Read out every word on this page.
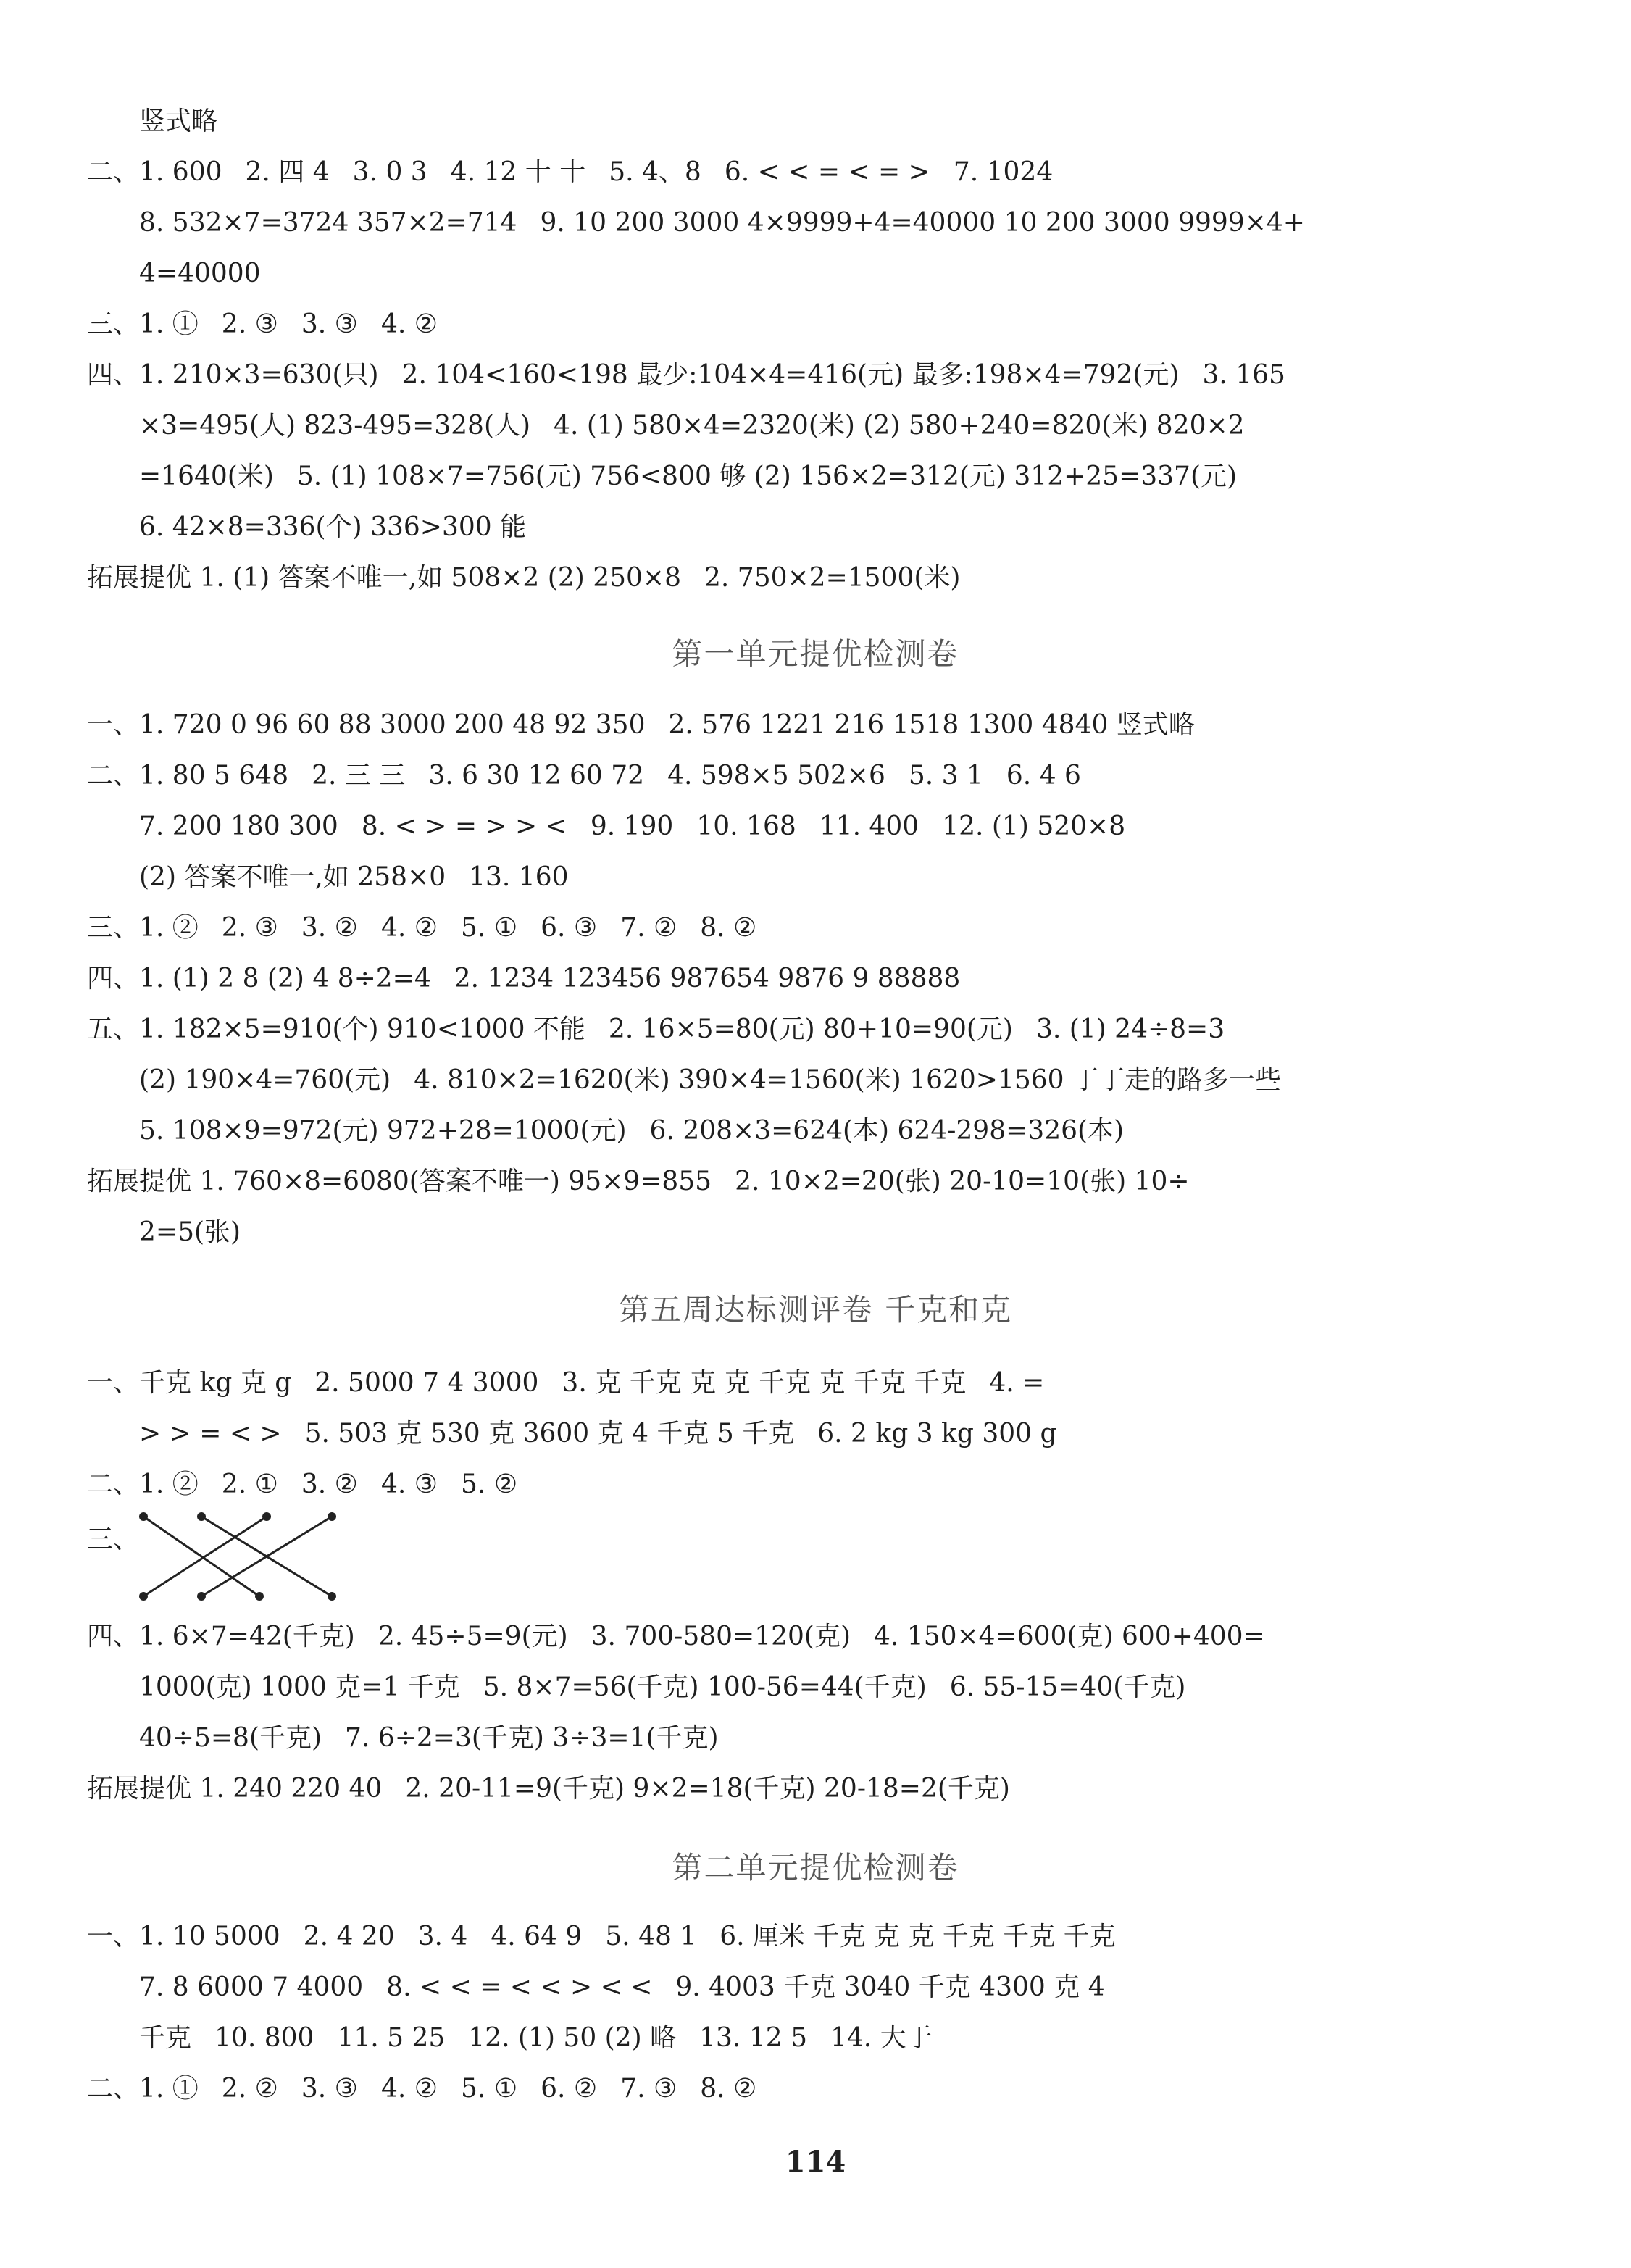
竖式略
二、1. 600 2. 四 4 3. 0 3 4. 12 十 十 5. 4、8 6. < < = < = > 7. 1024
8. 532×7=3724 357×2=714 9. 10 200 3000 4×9999+4=40000 10 200 3000 9999×4+
4=40000
三、1. ① 2. ③ 3. ③ 4. ②
四、1. 210×3=630(只) 2. 104<160<198 最少:104×4=416(元) 最多:198×4=792(元) 3. 165
×3=495(人) 823-495=328(人) 4. (1) 580×4=2320(米) (2) 580+240=820(米) 820×2
=1640(米) 5. (1) 108×7=756(元) 756<800 够 (2) 156×2=312(元) 312+25=337(元)
6. 42×8=336(个) 336>300 能
拓展提优 1. (1) 答案不唯一,如 508×2 (2) 250×8 2. 750×2=1500(米)
第一单元提优检测卷
一、1. 720 0 96 60 88 3000 200 48 92 350 2. 576 1221 216 1518 1300 4840 竖式略
二、1. 80 5 648 2. 三 三 3. 6 30 12 60 72 4. 598×5 502×6 5. 3 1 6. 4 6
7. 200 180 300 8. < > = > > < 9. 190 10. 168 11. 400 12. (1) 520×8
(2) 答案不唯一,如 258×0 13. 160
三、1. ② 2. ③ 3. ② 4. ② 5. ① 6. ③ 7. ② 8. ②
四、1. (1) 2 8 (2) 4 8÷2=4 2. 1234 123456 987654 9876 9 88888
五、1. 182×5=910(个) 910<1000 不能 2. 16×5=80(元) 80+10=90(元) 3. (1) 24÷8=3
(2) 190×4=760(元) 4. 810×2=1620(米) 390×4=1560(米) 1620>1560 丁丁走的路多一些
5. 108×9=972(元) 972+28=1000(元) 6. 208×3=624(本) 624-298=326(本)
拓展提优 1. 760×8=6080(答案不唯一) 95×9=855 2. 10×2=20(张) 20-10=10(张) 10÷
2=5(张)
第五周达标测评卷 千克和克
一、千克 kg 克 g 2. 5000 7 4 3000 3. 克 千克 克 克 千克 克 千克 千克 4. =
> > = < > 5. 503 克 530 克 3600 克 4 千克 5 千克 6. 2 kg 3 kg 300 g
二、1. ② 2. ① 3. ② 4. ③ 5. ②
三、
四、1. 6×7=42(千克) 2. 45÷5=9(元) 3. 700-580=120(克) 4. 150×4=600(克) 600+400=
1000(克) 1000 克=1 千克 5. 8×7=56(千克) 100-56=44(千克) 6. 55-15=40(千克)
40÷5=8(千克) 7. 6÷2=3(千克) 3÷3=1(千克)
拓展提优 1. 240 220 40 2. 20-11=9(千克) 9×2=18(千克) 20-18=2(千克)
第二单元提优检测卷
一、1. 10 5000 2. 4 20 3. 4 4. 64 9 5. 48 1 6. 厘米 千克 克 克 千克 千克 千克
7. 8 6000 7 4000 8. < < = < < > < < 9. 4003 千克 3040 千克 4300 克 4
千克 10. 800 11. 5 25 12. (1) 50 (2) 略 13. 12 5 14. 大于
二、1. ① 2. ② 3. ③ 4. ② 5. ① 6. ② 7. ③ 8. ②
114
